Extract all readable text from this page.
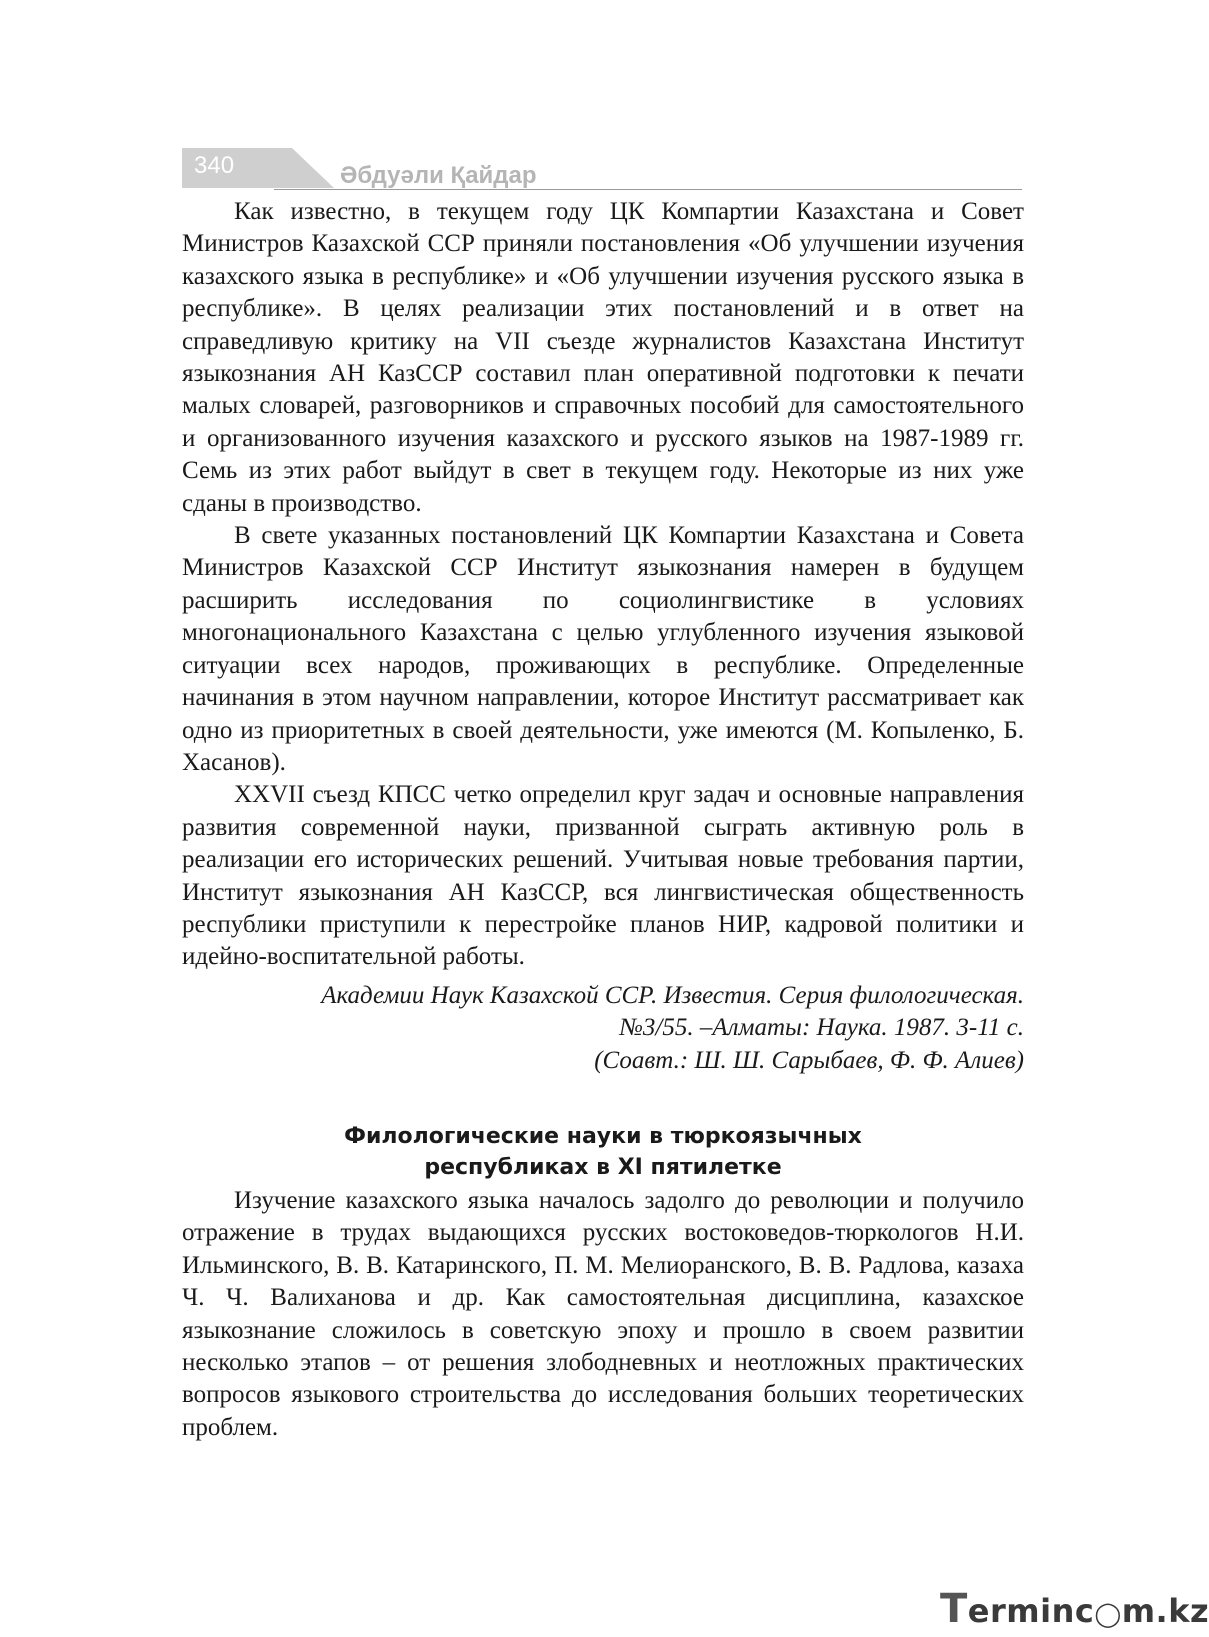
340	Әбдуәли Қайдар

Как известно, в текущем году ЦК Компартии Казахстана и Совет Министров Казахской ССР приняли постановления «Об улучшении изучения казахского языка в республике» и «Об улучшении изучения русского языка в республике». В целях реализации этих постановлений и в ответ на справедливую критику на VII съезде журналистов Казахстана Институт языкознания АН КазССР составил план оперативной подготовки к печати малых словарей, разговорников и справочных пособий для самостоятельного и организованного изучения казахского и русского языков на 1987-1989 гг. Семь из этих работ выйдут в свет в текущем году. Некоторые из них уже сданы в производство.

В свете указанных постановлений ЦК Компартии Казахстана и Совета Министров Казахской ССР Институт языкознания намерен в будущем расширить исследования по социолингвистике в условиях многонационального Казахстана с целью углубленного изучения языковой ситуации всех народов, проживающих в республике. Определенные начинания в этом научном направлении, которое Институт рассматривает как одно из приоритетных в своей деятельности, уже имеются (М. Копыленко, Б. Хасанов).

XXVII съезд КПСС четко определил круг задач и основные направления развития современной науки, призванной сыграть активную роль в реализации его исторических решений. Учитывая новые требования партии, Институт языкознания АН КазССР, вся лингвистическая общественность республики приступили к перестройке планов НИР, кадровой политики и идейно-воспитательной работы.

Академии Наук Казахской ССР. Известия. Серия филологическая.
№3/55. –Алматы: Наука. 1987. 3-11 с.
(Соавт.: Ш. Ш. Сарыбаев, Ф. Ф. Алиев)
Филологические науки в тюркоязычных
республиках в XI пятилетке

Изучение казахского языка началось задолго до революции и получило отражение в трудах выдающихся русских востоковедов-тюркологов Н.И. Ильминского, В. В. Катаринского, П. М. Мелиоранского, В. В. Радлова, казаха Ч. Ч. Валиханова и др. Как самостоятельная дисциплина, казахское языкознание сложилось в советскую эпоху и прошло в своем развитии несколько этапов – от решения злободневных и неотложных практических вопросов языкового строительства до исследования больших теоретических проблем.

Terminc◯m.kz
